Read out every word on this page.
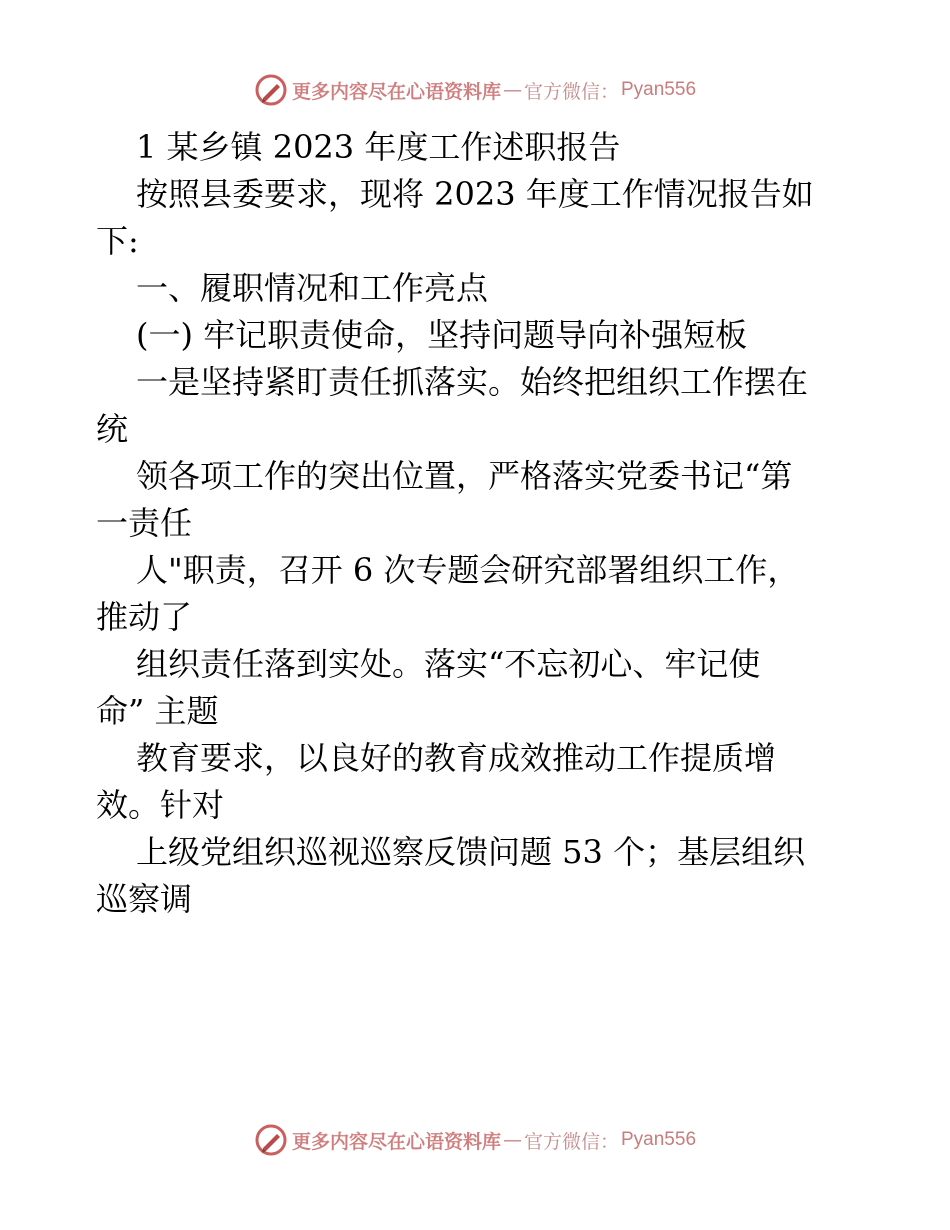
更多内容尽在心语资料库 — 官方微信： Pyan556
1 某乡镇 2023 年度工作述职报告
按照县委要求，现将 2023 年度工作情况报告如
下:
一、履职情况和工作亮点
(一) 牢记职责使命，坚持问题导向补强短板
一是坚持紧盯责任抓落实。始终把组织工作摆在
统
领各项工作的突出位置，严格落实党委书记“第
一责任
人"职责，召开 6 次专题会研究部署组织工作，
推动了
组织责任落到实处。落实“不忘初心、牢记使
命” 主题
教育要求，以良好的教育成效推动工作提质增
效。针对
上级党组织巡视巡察反馈问题 53 个；基层组织
巡察调
更多内容尽在心语资料库 — 官方微信： Pyan556
